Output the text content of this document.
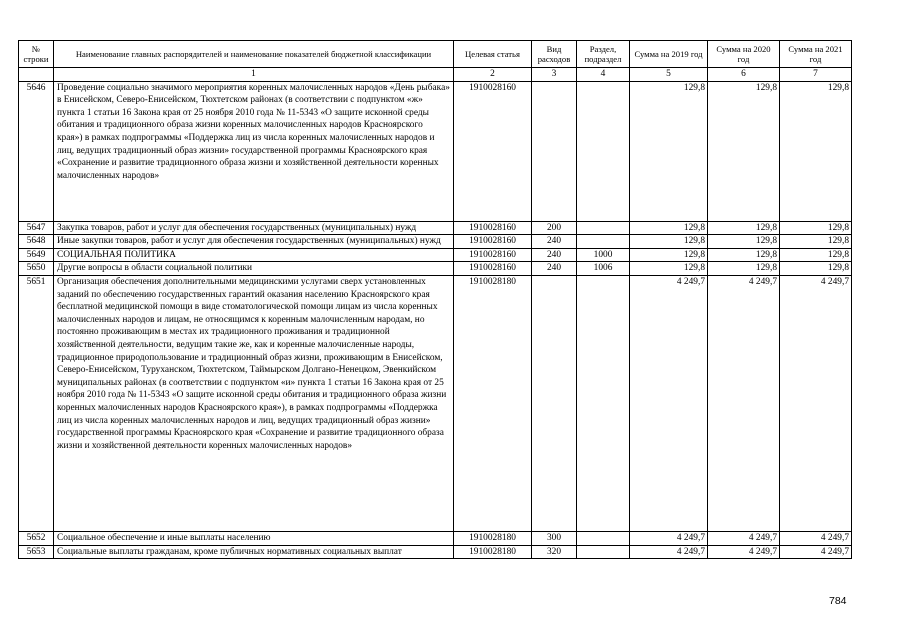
№ строки	Наименование главных распорядителей и наименование показателей бюджетной классификации	Целевая статья	Вид расходов	Раздел, подраздел	Сумма на 2019 год	Сумма на 2020 год	Сумма на 2021 год
	1	2	3	4	5	6	7
5646	Проведение социально значимого мероприятия коренных малочисленных народов «День рыбака» в Енисейском, Северо-Енисейском, Тюхтетском районах (в соответствии с подпунктом «ж» пункта 1 статьи 16 Закона края от 25 ноября 2010 года № 11-5343 «О защите исконной среды обитания и традиционного образа жизни коренных малочисленных народов Красноярского края») в рамках подпрограммы «Поддержка лиц из числа коренных малочисленных народов и лиц, ведущих традиционный образ жизни» государственной программы Красноярского края «Сохранение и развитие традиционного образа жизни и хозяйственной деятельности коренных малочисленных народов»	1910028160			129,8	129,8	129,8
5647	Закупка товаров, работ и услуг для обеспечения государственных (муниципальных) нужд	1910028160	200		129,8	129,8	129,8
5648	Иные закупки товаров, работ и услуг для обеспечения государственных (муниципальных) нужд	1910028160	240		129,8	129,8	129,8
5649	СОЦИАЛЬНАЯ ПОЛИТИКА	1910028160	240	1000	129,8	129,8	129,8
5650	Другие вопросы в области социальной политики	1910028160	240	1006	129,8	129,8	129,8
5651	Организация обеспечения дополнительными медицинскими услугами сверх установленных заданий по обеспечению государственных гарантий оказания населению Красноярского края бесплатной медицинской помощи в виде стоматологической помощи лицам из числа коренных малочисленных народов и лицам, не относящимся к коренным малочисленным народам, но постоянно проживающим в местах их традиционного проживания и традиционной хозяйственной деятельности, ведущим такие же, как и коренные малочисленные народы, традиционное природопользование и традиционный образ жизни, проживающим в Енисейском, Северо-Енисейском, Туруханском, Тюхтетском, Таймырском Долгано-Ненецком, Эвенкийском муниципальных районах (в соответствии с подпунктом «и» пункта 1 статьи 16 Закона края от 25 ноября 2010 года № 11-5343 «О защите исконной среды обитания и традиционного образа жизни коренных малочисленных народов Красноярского края»), в рамках подпрограммы «Поддержка лиц из числа коренных малочисленных народов и лиц, ведущих традиционный образ жизни» государственной программы Красноярского края «Сохранение и развитие традиционного образа жизни и хозяйственной деятельности коренных малочисленных народов»	1910028180			4 249,7	4 249,7	4 249,7
5652	Социальное обеспечение и иные выплаты населению	1910028180	300		4 249,7	4 249,7	4 249,7
5653	Социальные выплаты гражданам, кроме публичных нормативных социальных выплат	1910028180	320		4 249,7	4 249,7	4 249,7
784
